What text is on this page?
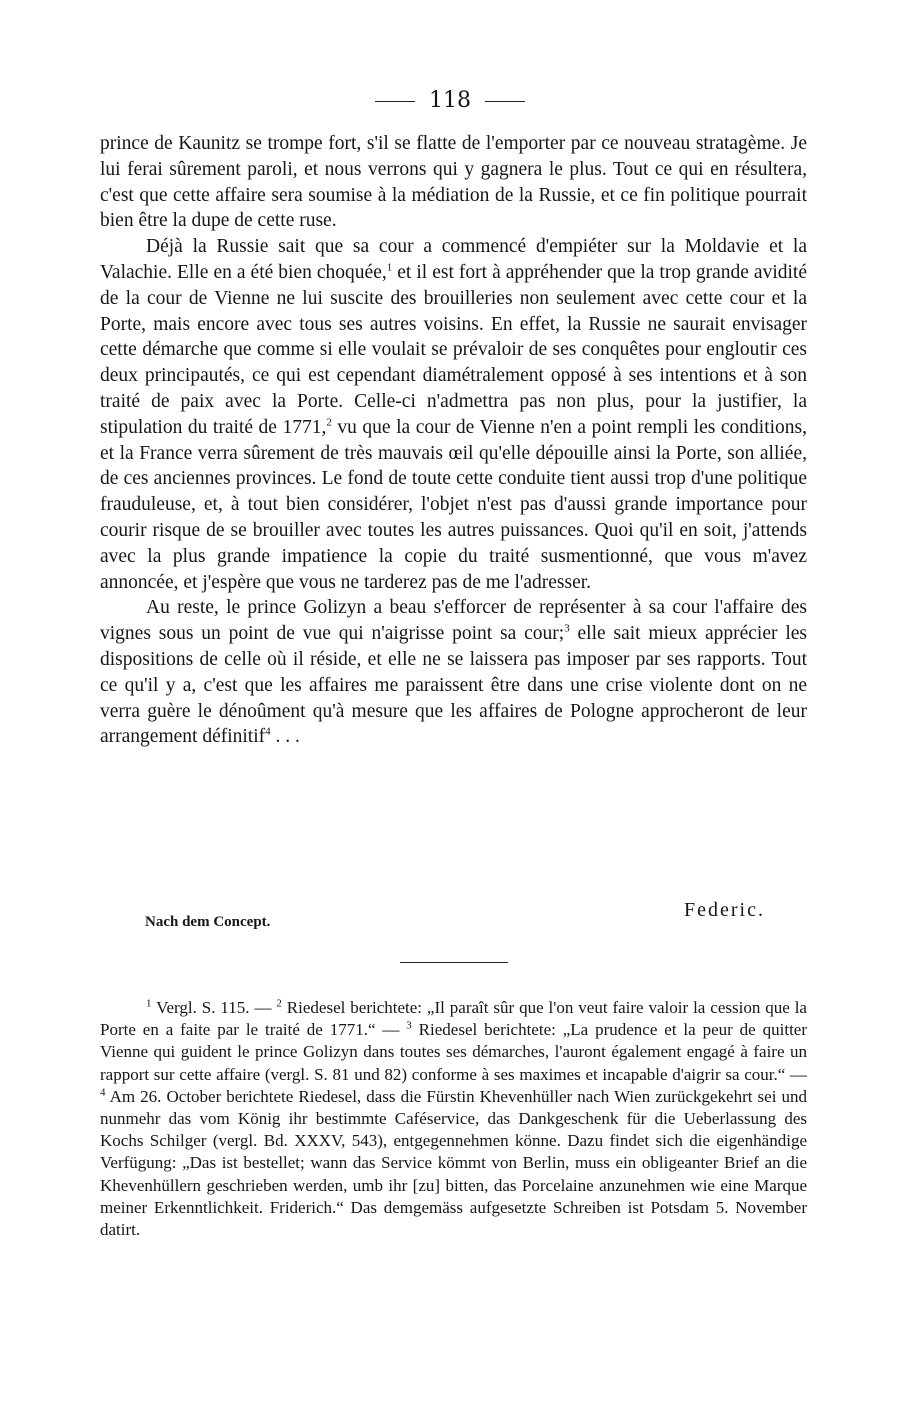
118

prince de Kaunitz se trompe fort, s'il se flatte de l'emporter par ce nouveau stratagème. Je lui ferai sûrement paroli, et nous verrons qui y gagnera le plus. Tout ce qui en résultera, c'est que cette affaire sera soumise à la médiation de la Russie, et ce fin politique pourrait bien être la dupe de cette ruse.

Déjà la Russie sait que sa cour a commencé d'empiéter sur la Moldavie et la Valachie. Elle en a été bien choquée,$^1$ et il est fort à appréhender que la trop grande avidité de la cour de Vienne ne lui suscite des brouilleries non seulement avec cette cour et la Porte, mais encore avec tous ses autres voisins. En effet, la Russie ne saurait envisager cette démarche que comme si elle voulait se prévaloir de ses conquêtes pour engloutir ces deux principautés, ce qui est cependant diamétralement opposé à ses intentions et à son traité de paix avec la Porte. Celle-ci n'admettra pas non plus, pour la justifier, la stipulation du traité de 1771,$^2$ vu que la cour de Vienne n'en a point rempli les conditions, et la France verra sûrement de très mauvais œil qu'elle dépouille ainsi la Porte, son alliée, de ces anciennes provinces. Le fond de toute cette conduite tient aussi trop d'une politique frauduleuse, et, à tout bien considérer, l'objet n'est pas d'aussi grande importance pour courir risque de se brouiller avec toutes les autres puissances. Quoi qu'il en soit, j'attends avec la plus grande impatience la copie du traité susmentionné, que vous m'avez annoncée, et j'espère que vous ne tarderez pas de me l'adresser.

Au reste, le prince Golizyn a beau s'efforcer de représenter à sa cour l'affaire des vignes sous un point de vue qui n'aigrisse point sa cour;$^3$ elle sait mieux apprécier les dispositions de celle où il réside, et elle ne se laissera pas imposer par ses rapports. Tout ce qu'il y a, c'est que les affaires me paraissent être dans une crise violente dont on ne verra guère le dénoûment qu'à mesure que les affaires de Pologne approcheront de leur arrangement définitif$^4$ . . .

Federic.
Nach dem Concept.

$^1$ Vergl. S. 115. — $^2$ Riedesel berichtete: „Il paraît sûr que l'on veut faire valoir la cession que la Porte en a faite par le traité de 1771.“ — $^3$ Riedesel berichtete: „La prudence et la peur de quitter Vienne qui guident le prince Golizyn dans toutes ses démarches, l'auront également engagé à faire un rapport sur cette affaire (vergl. S. 81 und 82) conforme à ses maximes et incapable d'aigrir sa cour.“ — $^4$ Am 26. October berichtete Riedesel, dass die Fürstin Khevenhüller nach Wien zurückgekehrt sei und nunmehr das vom König ihr bestimmte Caféservice, das Dankgeschenk für die Ueberlassung des Kochs Schilger (vergl. Bd. XXXV, 543), entgegennehmen könne. Dazu findet sich die eigenhändige Verfügung: „Das ist bestellet; wann das Service kömmt von Berlin, muss ein obligeanter Brief an die Khevenhüllern geschrieben werden, umb ihr [zu] bitten, das Porcelaine anzunehmen wie eine Marque meiner Erkenntlichkeit. Friderich.“ Das demgemäss aufgesetzte Schreiben ist Potsdam 5. November datirt.
